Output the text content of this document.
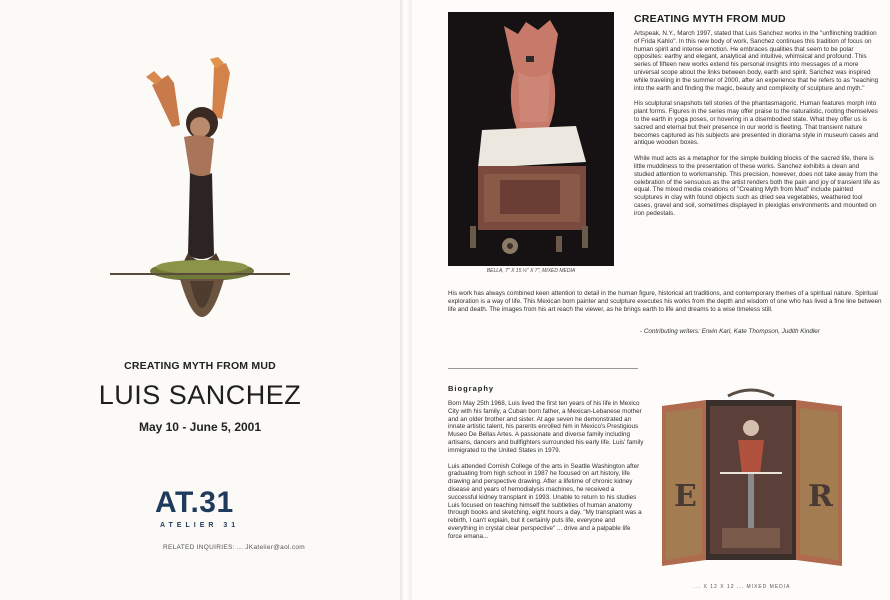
CREATING MYTH FROM MUD
LUIS SANCHEZ
May 10 - June 5, 2001
AT.31
ATELIER 31
RELATED INQUIRIES: ... JKatelier@aol.com
BELLA, 7" X 15 ½" X 7", MIXED MEDIA
CREATING MYTH FROM MUD

Artspeak, N.Y., March 1997, stated that Luis Sanchez works in the "unflinching tradition of Frida Kahlo". In this new body of work, Sanchez continues this tradition of focus on human spirit and intense emotion. He embraces qualities that seem to be polar opposites: earthy and elegant, analytical and intuitive, whimsical and profound. This series of fifteen new works extend his personal insights into messages of a more universal scope about the links between body, earth and spirit. Sanchez was inspired while traveling in the summer of 2000, after an experience that he refers to as "reaching into the earth and finding the magic, beauty and complexity of sculpture and myth."

His sculptural snapshots tell stories of the phantasmagoric. Human features morph into plant forms. Figures in the series may offer praise to the naturalistic, rooting themselves to the earth in yoga poses, or hovering in a disembodied state. What they offer us is sacred and eternal but their presence in our world is fleeting. That transient nature becomes captured as his subjects are presented in diorama style in museum cases and antique wooden boxes.

While mud acts as a metaphor for the simple building blocks of the sacred life, there is little muddiness to the presentation of these works. Sanchez exhibits a clean and studied attention to workmanship. This precision, however, does not take away from the celebration of the sensuous as the artist renders both the pain and joy of transient life as equal. The mixed media creations of "Creating Myth from Mud" include painted sculptures in clay with found objects such as dried sea vegetables, weathered tool cases, gravel and soil, sometimes displayed in plexiglas environments and mounted on iron pedestals.

His work has always combined keen attention to detail in the human figure, historical art traditions, and contemporary themes of a spiritual nature. Spiritual exploration is a way of life. This Mexican born painter and sculpture executes his works from the depth and wisdom of one who has lived a fine line between life and death. The images from his art reach the viewer, as he brings earth to life and dreams to a wise timeless still.
- Contributing writers: Erwin Karl, Kate Thompson, Judith Kindler
Biography

Born May 25th 1968, Luis lived the first ten years of his life in Mexico City with his family, a Cuban born father, a Mexican-Lebanese mother and an older brother and sister. At age seven he demonstrated an innate artistic talent, his parents enrolled him in Mexico's Prestigious Museo De Bellas Artes. A passionate and diverse family including artisans, dancers and bullfighters surrounded his early life. Luis' family immigrated to the United States in 1979.

Luis attended Cornish College of the arts in Seattle Washington after graduating from high school in 1987 he focused on art history, life drawing and perspective drawing. After a lifetime of chronic kidney disease and years of hemodialysis machines, he received a successful kidney transplant in 1993. Unable to return to his studies Luis focused on teaching himself the subtleties of human anatomy through books and sketching, eight hours a day. "My transplant was a rebirth, I can't explain, but it certainly puts life, everyone and everything in crystal clear perspective" ... drive and a palpable life force emana...

E	R
... X 12 X 12 ... MIXED MEDIA
